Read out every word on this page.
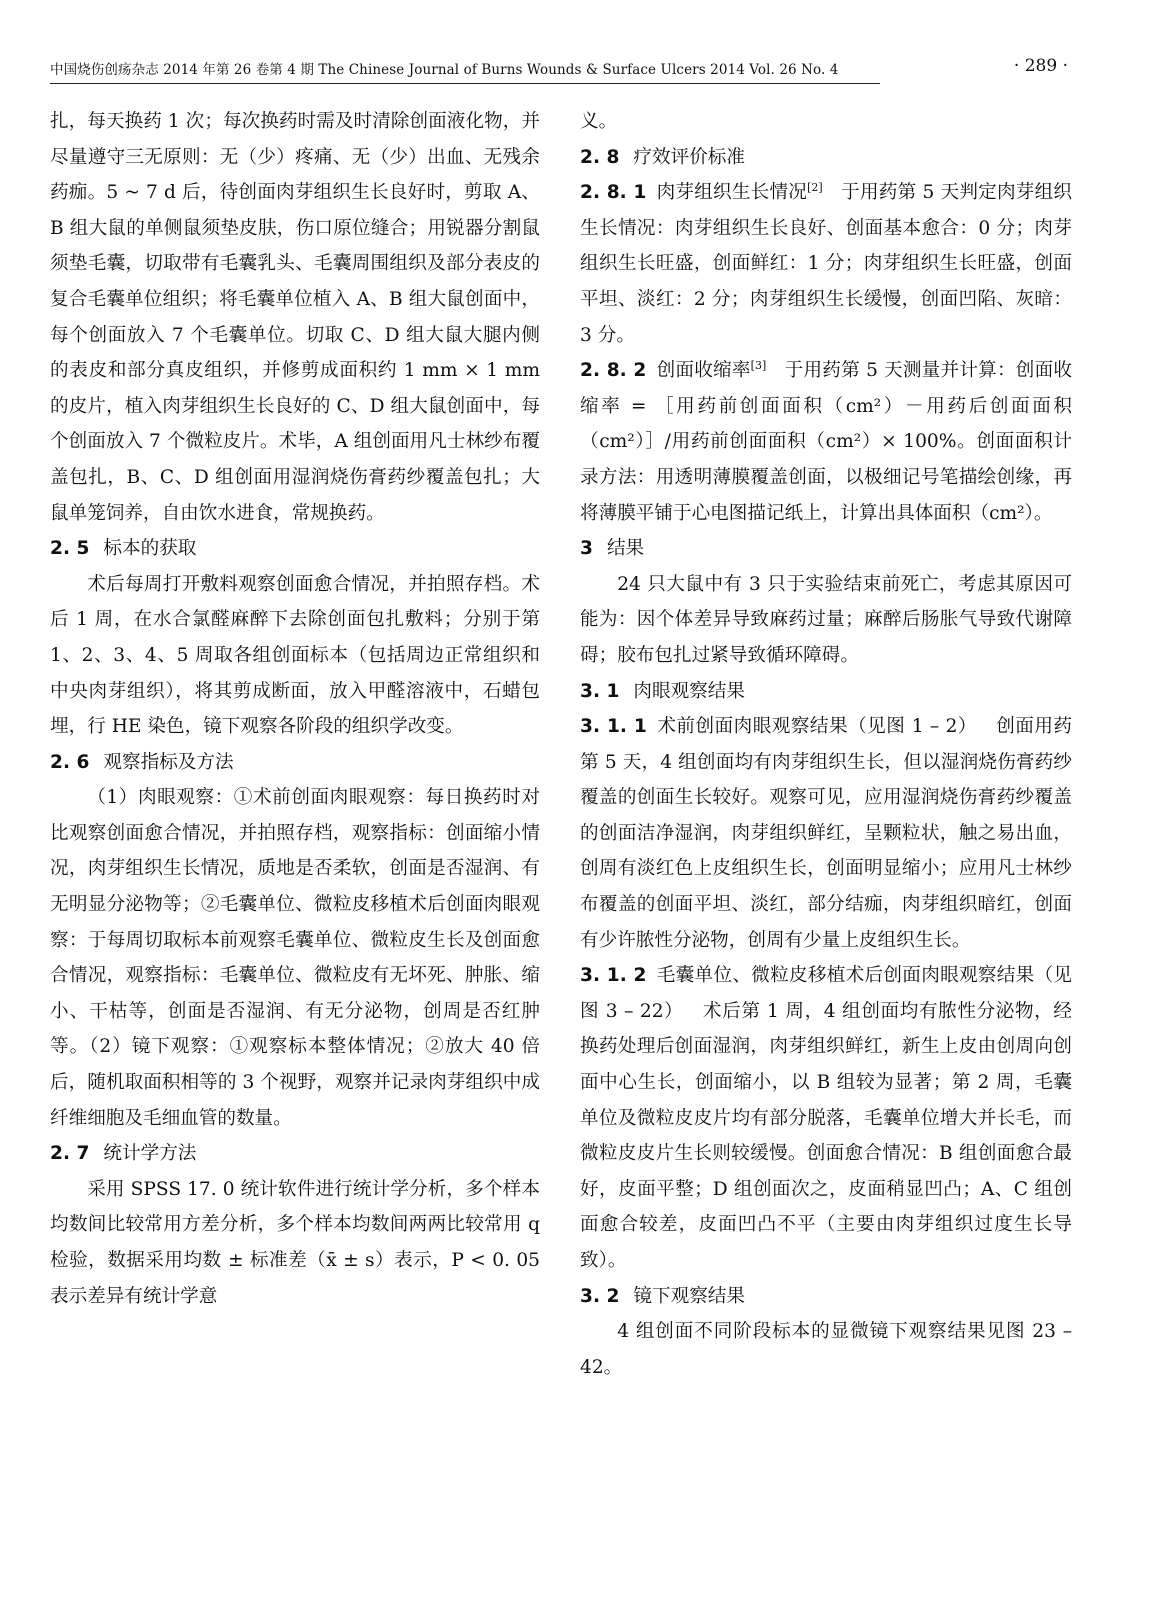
中国烧伤创疡杂志 2014 年第 26 卷第 4 期 The Chinese Journal of Burns Wounds & Surface Ulcers 2014 Vol. 26 No. 4	· 289 ·

扎，每天换药 1 次；每次换药时需及时清除创面液化物，并尽量遵守三无原则：无（少）疼痛、无（少）出血、无残余药痂。5 ~ 7 d 后，待创面肉芽组织生长良好时，剪取 A、B 组大鼠的单侧鼠须垫皮肤，伤口原位缝合；用锐器分割鼠须垫毛囊，切取带有毛囊乳头、毛囊周围组织及部分表皮的复合毛囊单位组织；将毛囊单位植入 A、B 组大鼠创面中，每个创面放入 7 个毛囊单位。切取 C、D 组大鼠大腿内侧的表皮和部分真皮组织，并修剪成面积约 1 mm × 1 mm 的皮片，植入肉芽组织生长良好的 C、D 组大鼠创面中，每个创面放入 7 个微粒皮片。术毕，A 组创面用凡士林纱布覆盖包扎，B、C、D 组创面用湿润烧伤膏药纱覆盖包扎；大鼠单笼饲养，自由饮水进食，常规换药。

2. 5 标本的获取

术后每周打开敷料观察创面愈合情况，并拍照存档。术后 1 周，在水合氯醛麻醉下去除创面包扎敷料；分别于第 1、2、3、4、5 周取各组创面标本（包括周边正常组织和中央肉芽组织），将其剪成断面，放入甲醛溶液中，石蜡包埋，行 HE 染色，镜下观察各阶段的组织学改变。

2. 6 观察指标及方法

（1）肉眼观察：①术前创面肉眼观察：每日换药时对比观察创面愈合情况，并拍照存档，观察指标：创面缩小情况，肉芽组织生长情况，质地是否柔软，创面是否湿润、有无明显分泌物等；②毛囊单位、微粒皮移植术后创面肉眼观察：于每周切取标本前观察毛囊单位、微粒皮生长及创面愈合情况，观察指标：毛囊单位、微粒皮有无坏死、肿胀、缩小、干枯等，创面是否湿润、有无分泌物，创周是否红肿等。（2）镜下观察：①观察标本整体情况；②放大 40 倍后，随机取面积相等的 3 个视野，观察并记录肉芽组织中成纤维细胞及毛细血管的数量。

2. 7 统计学方法

采用 SPSS 17. 0 统计软件进行统计学分析，多个样本均数间比较常用方差分析，多个样本均数间两两比较常用 q 检验，数据采用均数 ± 标准差（x̄ ± s）表示，P < 0. 05 表示差异有统计学意

义。

2. 8 疗效评价标准

2. 8. 1 肉芽组织生长情况[2] 于用药第 5 天判定肉芽组织生长情况：肉芽组织生长良好、创面基本愈合：0 分；肉芽组织生长旺盛，创面鲜红：1 分；肉芽组织生长旺盛，创面平坦、淡红：2 分；肉芽组织生长缓慢，创面凹陷、灰暗：3 分。

2. 8. 2 创面收缩率[3] 于用药第 5 天测量并计算：创面收缩率 = ［用药前创面面积（cm²）－用药后创面面积（cm²）］/用药前创面面积（cm²）× 100%。创面面积计录方法：用透明薄膜覆盖创面，以极细记号笔描绘创缘，再将薄膜平铺于心电图描记纸上，计算出具体面积（cm²）。

3 结果

24 只大鼠中有 3 只于实验结束前死亡，考虑其原因可能为：因个体差异导致麻药过量；麻醉后肠胀气导致代谢障碍；胶布包扎过紧导致循环障碍。

3. 1 肉眼观察结果

3. 1. 1 术前创面肉眼观察结果（见图 1 – 2） 创面用药第 5 天，4 组创面均有肉芽组织生长，但以湿润烧伤膏药纱覆盖的创面生长较好。观察可见，应用湿润烧伤膏药纱覆盖的创面洁净湿润，肉芽组织鲜红，呈颗粒状，触之易出血，创周有淡红色上皮组织生长，创面明显缩小；应用凡士林纱布覆盖的创面平坦、淡红，部分结痂，肉芽组织暗红，创面有少许脓性分泌物，创周有少量上皮组织生长。

3. 1. 2 毛囊单位、微粒皮移植术后创面肉眼观察结果（见图 3 – 22） 术后第 1 周，4 组创面均有脓性分泌物，经换药处理后创面湿润，肉芽组织鲜红，新生上皮由创周向创面中心生长，创面缩小，以 B 组较为显著；第 2 周，毛囊单位及微粒皮皮片均有部分脱落，毛囊单位增大并长毛，而微粒皮皮片生长则较缓慢。创面愈合情况：B 组创面愈合最好，皮面平整；D 组创面次之，皮面稍显凹凸；A、C 组创面愈合较差，皮面凹凸不平（主要由肉芽组织过度生长导致）。

3. 2 镜下观察结果

4 组创面不同阶段标本的显微镜下观察结果见图 23 – 42。
